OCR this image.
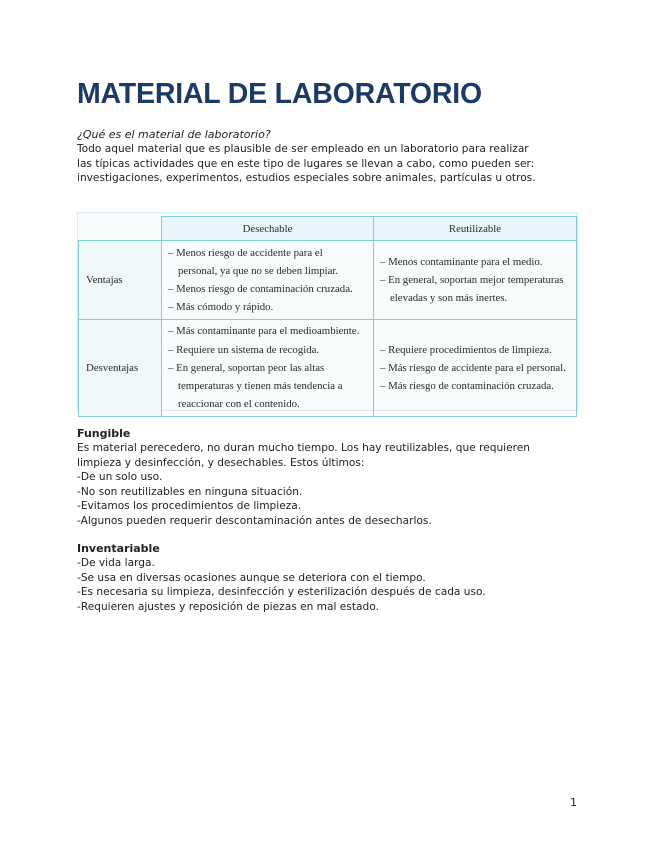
MATERIAL DE LABORATORIO
¿Qué es el material de laboratorio?
Todo aquel material que es plausible de ser empleado en un laboratorio para realizar
las típicas actividades que en este tipo de lugares se llevan a cabo, como pueden ser:
investigaciones, experimentos, estudios especiales sobre animales, partículas u otros.
	Desechable	Reutilizable
Ventajas	– Menos riesgo de accidente para el
personal, ya que no se deben limpiar.
– Menos riesgo de contaminación cruzada.
– Más cómodo y rápido.	– Menos contaminante para el medio.
– En general, soportan mejor temperaturas
elevadas y son más inertes.

Desventajas	– Más contaminante para el medioambiente.
– Requiere un sistema de recogida.
– En general, soportan peor las altas
temperaturas y tienen más tendencia a
reaccionar con el contenido.	– Requiere procedimientos de limpieza.
– Más riesgo de accidente para el personal.
– Más riesgo de contaminación cruzada.
Fungible
Es material perecedero, no duran mucho tiempo. Los hay reutilizables, que requieren
limpieza y desinfección, y desechables. Estos últimos:
-De un solo uso.
-No son reutilizables en ninguna situación.
-Evitamos los procedimientos de limpieza.
-Algunos pueden requerir descontaminación antes de desecharlos.
Inventariable
-De vida larga.
-Se usa en diversas ocasiones aunque se deteriora con el tiempo.
-Es necesaria su limpieza, desinfección y esterilización después de cada uso.
-Requieren ajustes y reposición de piezas en mal estado.
1
